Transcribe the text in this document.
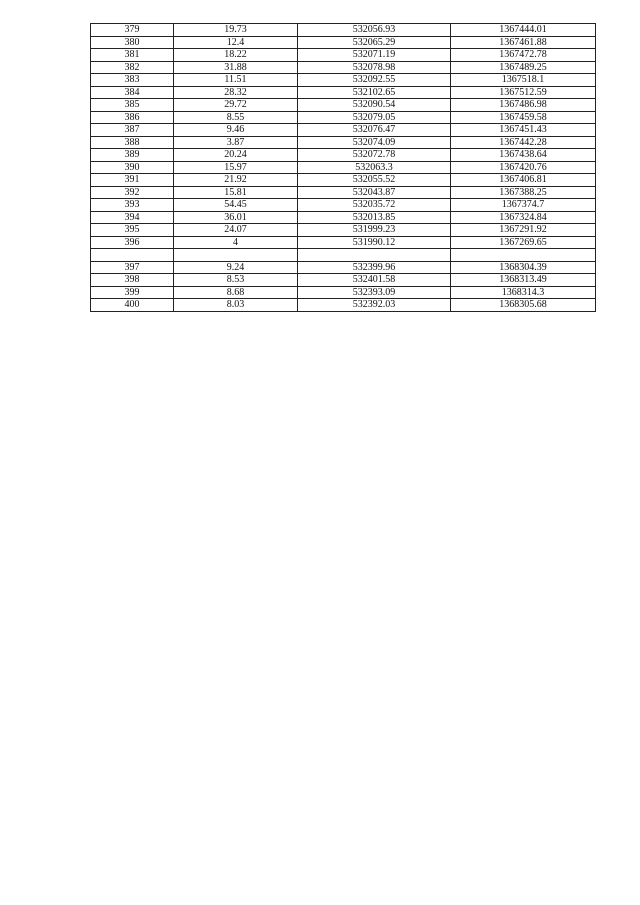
379	19.73	532056.93	1367444.01
380	12.4	532065.29	1367461.88
381	18.22	532071.19	1367472.78
382	31.88	532078.98	1367489.25
383	11.51	532092.55	1367518.1
384	28.32	532102.65	1367512.59
385	29.72	532090.54	1367486.98
386	8.55	532079.05	1367459.58
387	9.46	532076.47	1367451.43
388	3.87	532074.09	1367442.28
389	20.24	532072.78	1367438.64
390	15.97	532063.3	1367420.76
391	21.92	532055.52	1367406.81
392	15.81	532043.87	1367388.25
393	54.45	532035.72	1367374.7
394	36.01	532013.85	1367324.84
395	24.07	531999.23	1367291.92
396	4	531990.12	1367269.65

397	9.24	532399.96	1368304.39
398	8.53	532401.58	1368313.49
399	8.68	532393.09	1368314.3
400	8.03	532392.03	1368305.68
